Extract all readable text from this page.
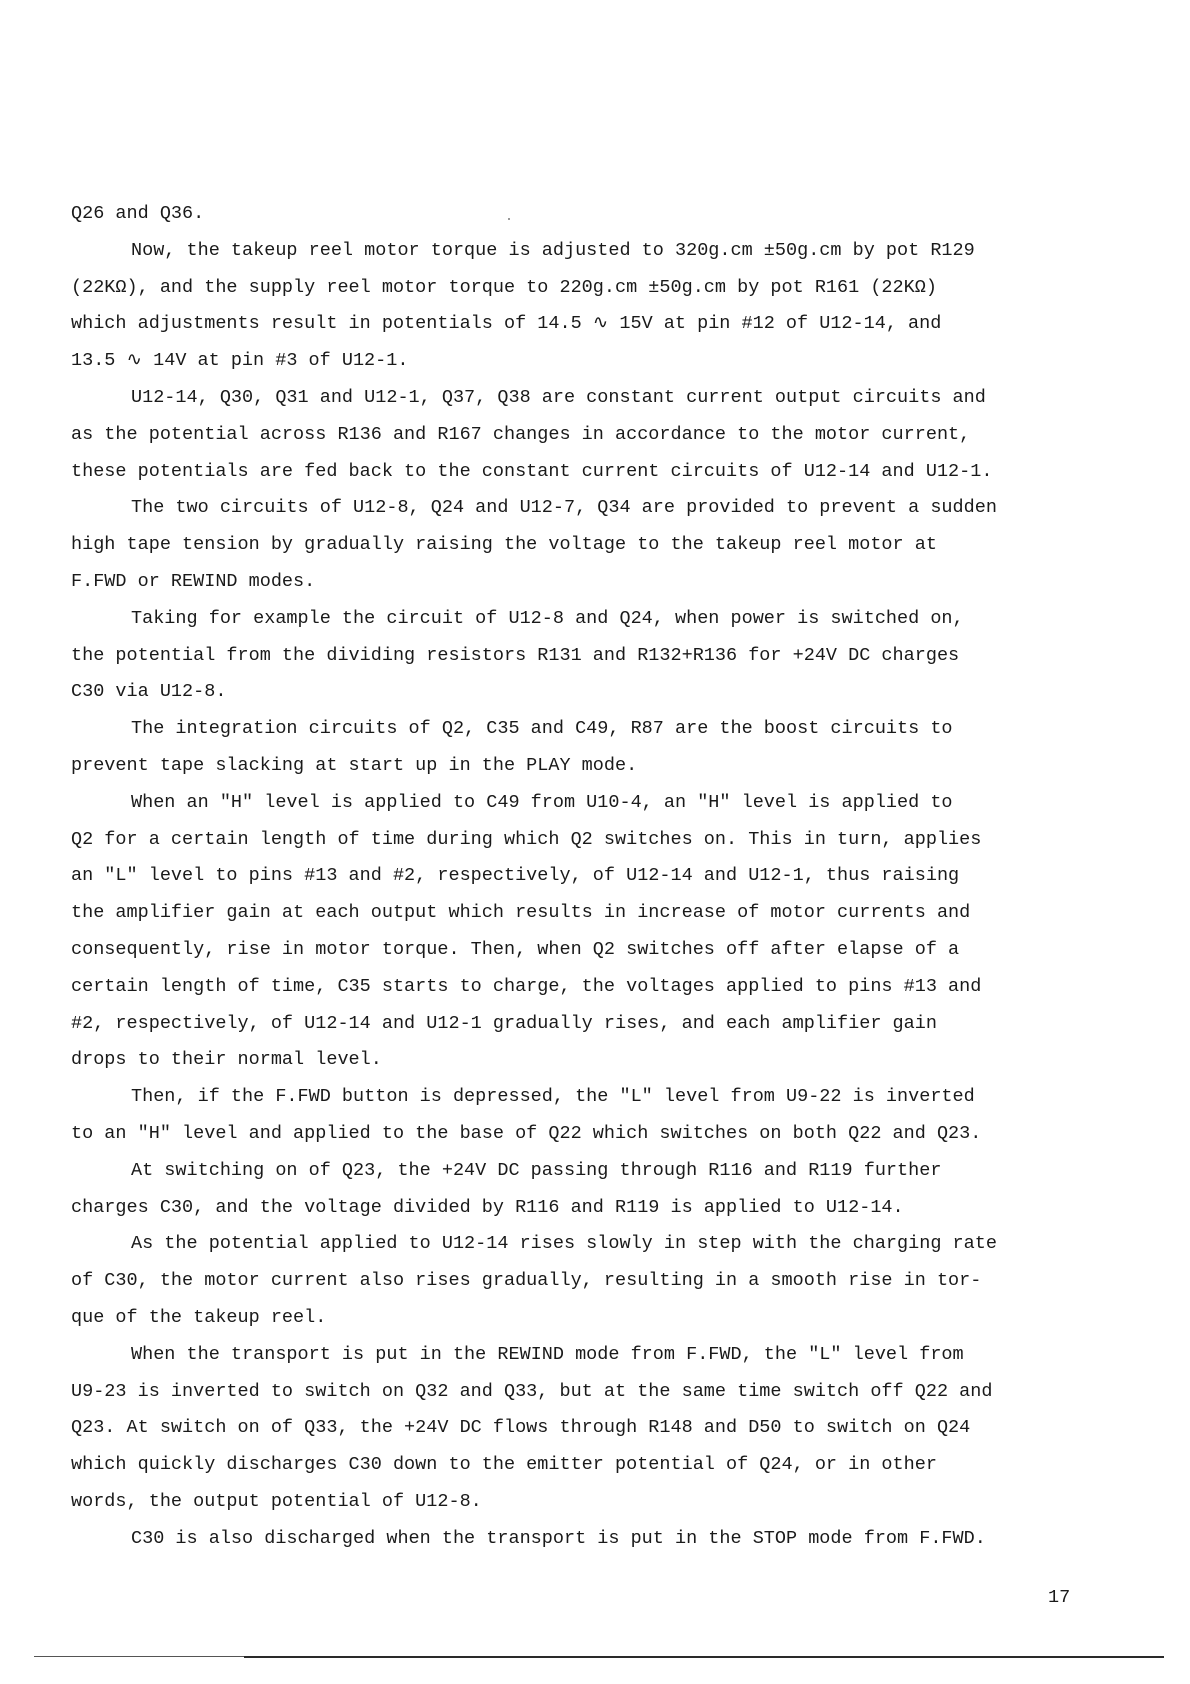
Q26 and Q36.
Now, the takeup reel motor torque is adjusted to 320g.cm ±50g.cm by pot R129
(22KΩ), and the supply reel motor torque to 220g.cm ±50g.cm by pot R161 (22KΩ)
which adjustments result in potentials of 14.5 ∿ 15V at pin #12 of U12-14, and
13.5 ∿ 14V at pin #3 of U12-1.
U12-14, Q30, Q31 and U12-1, Q37, Q38 are constant current output circuits and
as the potential across R136 and R167 changes in accordance to the motor current,
these potentials are fed back to the constant current circuits of U12-14 and U12-1.
The two circuits of U12-8, Q24 and U12-7, Q34 are provided to prevent a sudden
high tape tension by gradually raising the voltage to the takeup reel motor at
F.FWD or REWIND modes.
Taking for example the circuit of U12-8 and Q24, when power is switched on,
the potential from the dividing resistors R131 and R132+R136 for +24V DC charges
C30 via U12-8.
The integration circuits of Q2, C35 and C49, R87 are the boost circuits to
prevent tape slacking at start up in the PLAY mode.
When an "H" level is applied to C49 from U10-4, an "H" level is applied to
Q2 for a certain length of time during which Q2 switches on. This in turn, applies
an "L" level to pins #13 and #2, respectively, of U12-14 and U12-1, thus raising
the amplifier gain at each output which results in increase of motor currents and
consequently, rise in motor torque. Then, when Q2 switches off after elapse of a
certain length of time, C35 starts to charge, the voltages applied to pins #13 and
#2, respectively, of U12-14 and U12-1 gradually rises, and each amplifier gain
drops to their normal level.
Then, if the F.FWD button is depressed, the "L" level from U9-22 is inverted
to an "H" level and applied to the base of Q22 which switches on both Q22 and Q23.
At switching on of Q23, the +24V DC passing through R116 and R119 further
charges C30, and the voltage divided by R116 and R119 is applied to U12-14.
As the potential applied to U12-14 rises slowly in step with the charging rate
of C30, the motor current also rises gradually, resulting in a smooth rise in tor-
que of the takeup reel.
When the transport is put in the REWIND mode from F.FWD, the "L" level from
U9-23 is inverted to switch on Q32 and Q33, but at the same time switch off Q22 and
Q23. At switch on of Q33, the +24V DC flows through R148 and D50 to switch on Q24
which quickly discharges C30 down to the emitter potential of Q24, or in other
words, the output potential of U12-8.
C30 is also discharged when the transport is put in the STOP mode from F.FWD.
17
